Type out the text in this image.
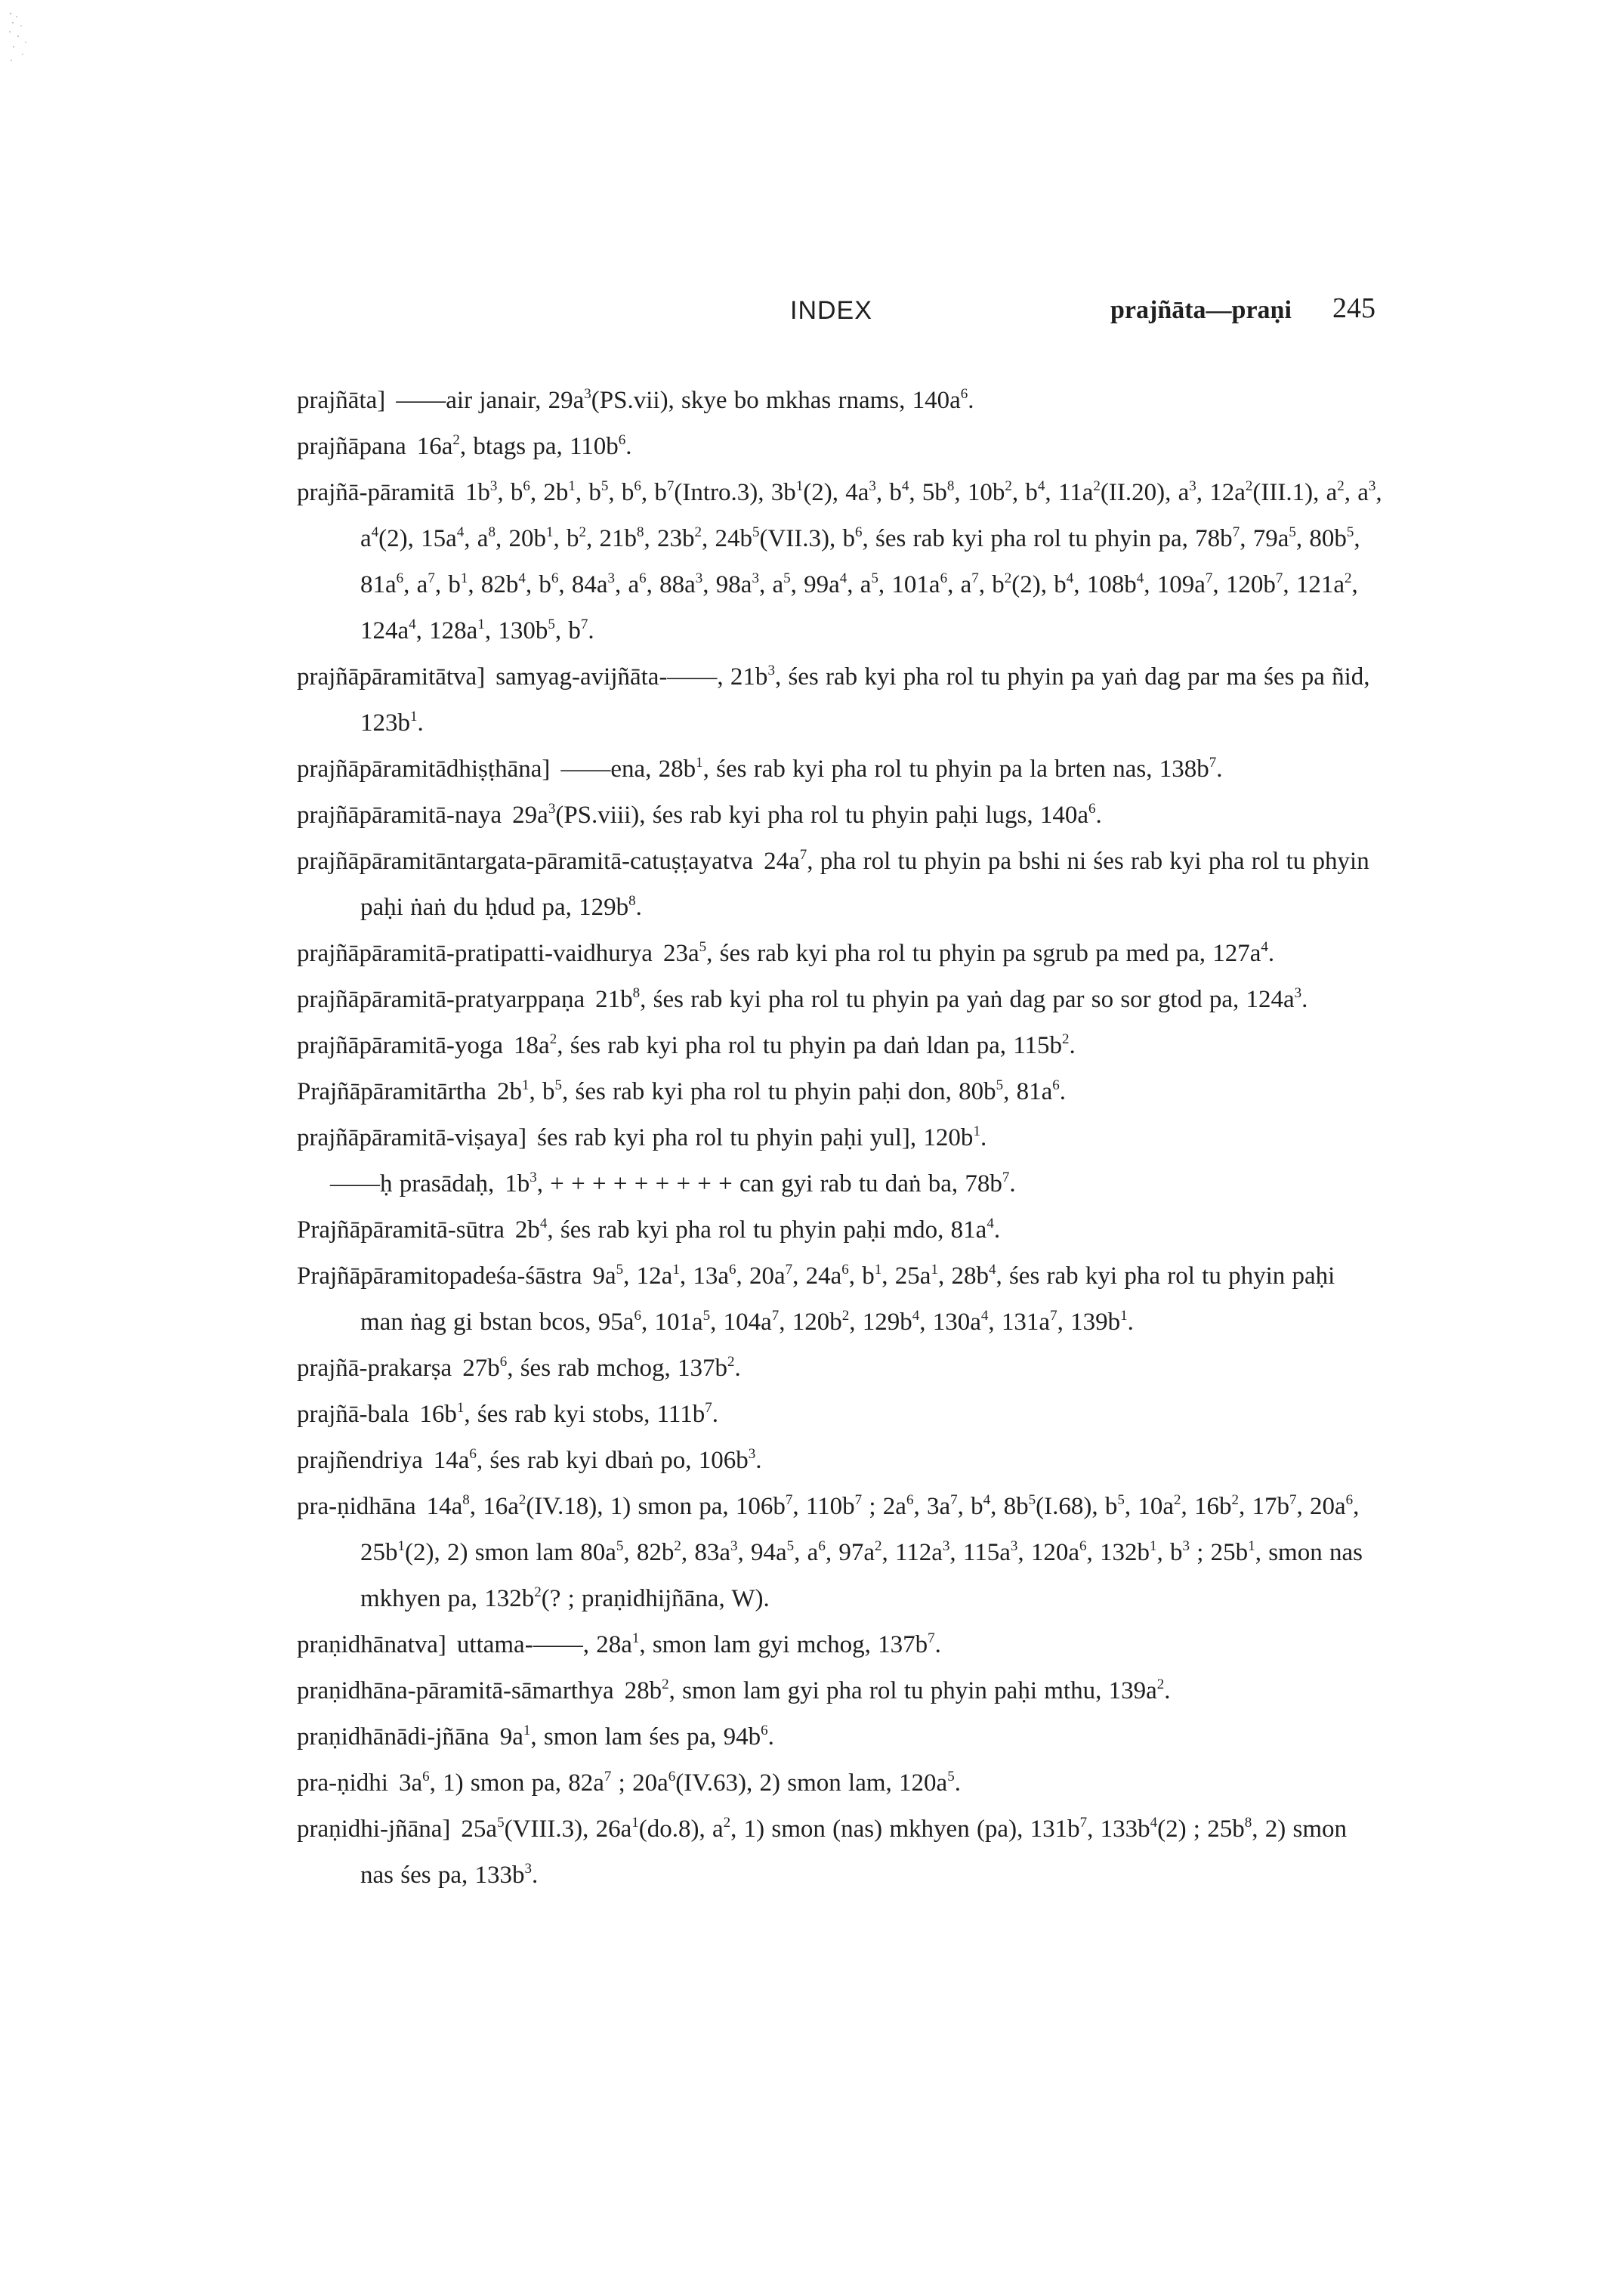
INDEX	prajñāta—praṇi 245

prajñāta] ——air janair, $29a^3(PS.vii)$, skye bo mkhas rnams, $140a^6$.

prajñāpana $16a^2$, btags pa, $110b^6$.

prajñā-pāramitā $1b^3$, $b^6$, $2b^1$, $b^5$, $b^6$, $b^7(Intro.3)$, $3b^1(2)$, $4a^3$, $b^4$, $5b^8$, $10b^2$, $b^4$, $11a^2(II.20)$, $a^3$, $12a^2(III.1)$, $a^2$, $a^3$, $a^4(2)$, $15a^4$, $a^8$, $20b^1$, $b^2$, $21b^8$, $23b^2$, $24b^5(VII.3)$, $b^6$, śes rab kyi pha rol tu phyin pa, $78b^7$, $79a^5$, $80b^5$, $81a^6$, $a^7$, $b^1$, $82b^4$, $b^6$, $84a^3$, $a^6$, $88a^3$, $98a^3$, $a^5$, $99a^4$, $a^5$, $101a^6$, $a^7$, $b^2(2)$, $b^4$, $108b^4$, $109a^7$, $120b^7$, $121a^2$, $124a^4$, $128a^1$, $130b^5$, $b^7$.

prajñāpāramitātva] samyag-avijñāta-——, $21b^3$, śes rab kyi pha rol tu phyin pa yaṅ dag par ma śes pa ñid, $123b^1$.

prajñāpāramitādhiṣṭhāna] ——ena, $28b^1$, śes rab kyi pha rol tu phyin pa la brten nas, $138b^7$.

prajñāpāramitā-naya $29a^3(PS.viii)$, śes rab kyi pha rol tu phyin paḥi lugs, $140a^6$.

prajñāpāramitāntargata-pāramitā-catuṣṭayatva $24a^7$, pha rol tu phyin pa bshi ni śes rab kyi pha rol tu phyin paḥi ṅaṅ du ḥdud pa, $129b^8$.

prajñāpāramitā-pratipatti-vaidhurya $23a^5$, śes rab kyi pha rol tu phyin pa sgrub pa med pa, $127a^4$.

prajñāpāramitā-pratyarppaṇa $21b^8$, śes rab kyi pha rol tu phyin pa yaṅ dag par so sor gtod pa, $124a^3$.

prajñāpāramitā-yoga $18a^2$, śes rab kyi pha rol tu phyin pa daṅ ldan pa, $115b^2$.

Prajñāpāramitārtha $2b^1$, $b^5$, śes rab kyi pha rol tu phyin paḥi don, $80b^5$, $81a^6$.

prajñāpāramitā-viṣaya] śes rab kyi pha rol tu phyin paḥi yul], $120b^1$.

——ḥ prasādaḥ, $1b^3$, + + + + + + + + + can gyi rab tu daṅ ba, $78b^7$.

Prajñāpāramitā-sūtra $2b^4$, śes rab kyi pha rol tu phyin paḥi mdo, $81a^4$.

Prajñāpāramitopadeśa-śāstra $9a^5$, $12a^1$, $13a^6$, $20a^7$, $24a^6$, $b^1$, $25a^1$, $28b^4$, śes rab kyi pha rol tu phyin paḥi man ṅag gi bstan bcos, $95a^6$, $101a^5$, $104a^7$, $120b^2$, $129b^4$, $130a^4$, $131a^7$, $139b^1$.

prajñā-prakarṣa $27b^6$, śes rab mchog, $137b^2$.

prajñā-bala $16b^1$, śes rab kyi stobs, $111b^7$.

prajñendriya $14a^6$, śes rab kyi dbaṅ po, $106b^3$.

pra-ṇidhāna $14a^8$, $16a^2(IV.18)$, 1) smon pa, $106b^7$, $110b^7$ ; $2a^6$, $3a^7$, $b^4$, $8b^5(I.68)$, $b^5$, $10a^2$, $16b^2$, $17b^7$, $20a^6$, $25b^1(2)$, 2) smon lam $80a^5$, $82b^2$, $83a^3$, $94a^5$, $a^6$, $97a^2$, $112a^3$, $115a^3$, $120a^6$, $132b^1$, $b^3$ ; $25b^1$, smon nas mkhyen pa, $132b^2$(? ; praṇidhijñāna, W).

praṇidhānatva] uttama-——, $28a^1$, smon lam gyi mchog, $137b^7$.

praṇidhāna-pāramitā-sāmarthya $28b^2$, smon lam gyi pha rol tu phyin paḥi mthu, $139a^2$.

praṇidhānādi-jñāna $9a^1$, smon lam śes pa, $94b^6$.

pra-ṇidhi $3a^6$, 1) smon pa, $82a^7$ ; $20a^6(IV.63)$, 2) smon lam, $120a^5$.

praṇidhi-jñāna] $25a^5(VIII.3)$, $26a^1(do.8)$, $a^2$, 1) smon (nas) mkhyen (pa), $131b^7$, $133b^4(2)$ ; $25b^8$, 2) smon nas śes pa, $133b^3$.
